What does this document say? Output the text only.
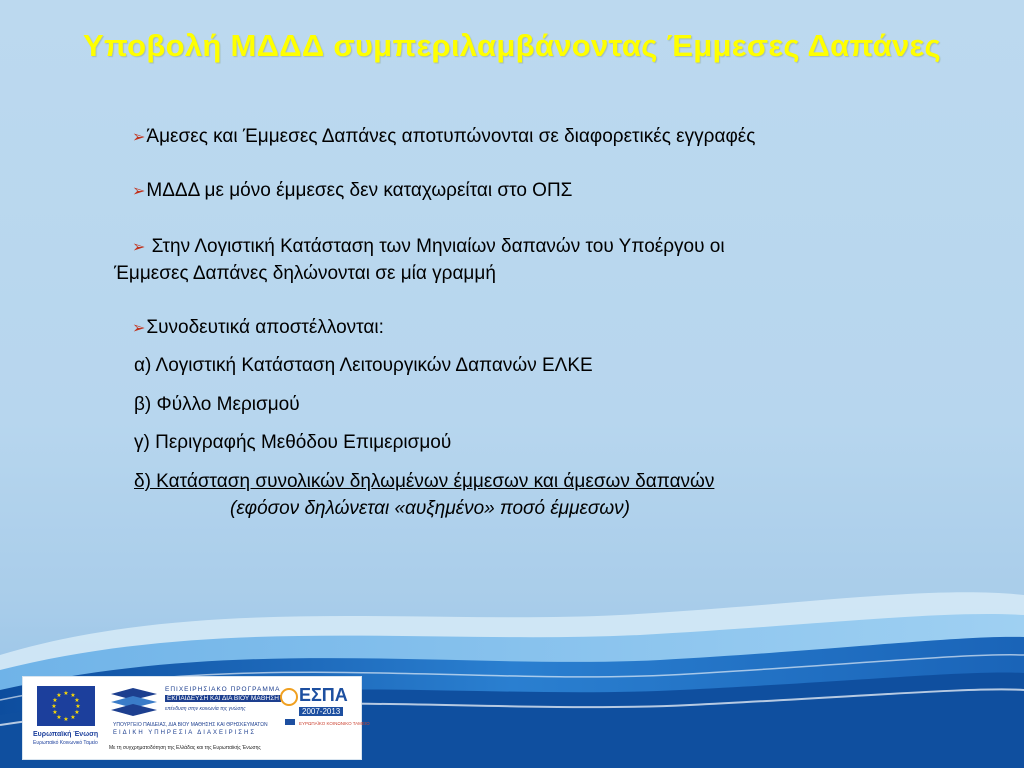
Υποβολή ΜΔΔΔ συμπεριλαμβάνοντας Έμμεσες Δαπάνες
➢Άμεσες και Έμμεσες Δαπάνες αποτυπώνονται σε διαφορετικές εγγραφές
➢ΜΔΔΔ με μόνο έμμεσες δεν καταχωρείται στο ΟΠΣ
➢ Στην Λογιστική Κατάσταση των Μηνιαίων δαπανών του Υποέργου οι
Έμμεσες Δαπάνες δηλώνονται σε μία γραμμή
➢Συνοδευτικά αποστέλλονται:
α) Λογιστική Κατάσταση Λειτουργικών Δαπανών ΕΛΚΕ
β) Φύλλο Μερισμού
γ) Περιγραφής Μεθόδου Επιμερισμού
δ) Κατάσταση συνολικών δηλωμένων έμμεσων και άμεσων δαπανών
(εφόσον δηλώνεται «αυξημένο» ποσό έμμεσων)
★ ★
★
★
★
★
★
★
★
★
★
★
Ευρωπαϊκή Ένωση
Ευρωπαϊκό Κοινωνικό Ταμείο
ΕΠΙΧΕΙΡΗΣΙΑΚΟ ΠΡΟΓΡΑΜΜΑ
ΕΚΠΑΙΔΕΥΣΗ ΚΑΙ ΔΙΑ ΒΙΟΥ ΜΑΘΗΣΗ
επένδυση στην κοινωνία της γνώσης
ΥΠΟΥΡΓΕΙΟ ΠΑΙΔΕΙΑΣ, ΔΙΑ ΒΙΟΥ ΜΑΘΗΣΗΣ ΚΑΙ ΘΡΗΣΚΕΥΜΑΤΩΝ
ΕΙΔΙΚΗ ΥΠΗΡΕΣΙΑ ΔΙΑΧΕΙΡΙΣΗΣ
Με τη συγχρηματοδότηση της Ελλάδας και της Ευρωπαϊκής Ένωσης
ΕΣΠΑ
2007-2013
ΕΥΡΩΠΑΪΚΟ ΚΟΙΝΩΝΙΚΟ ΤΑΜΕΙΟ
